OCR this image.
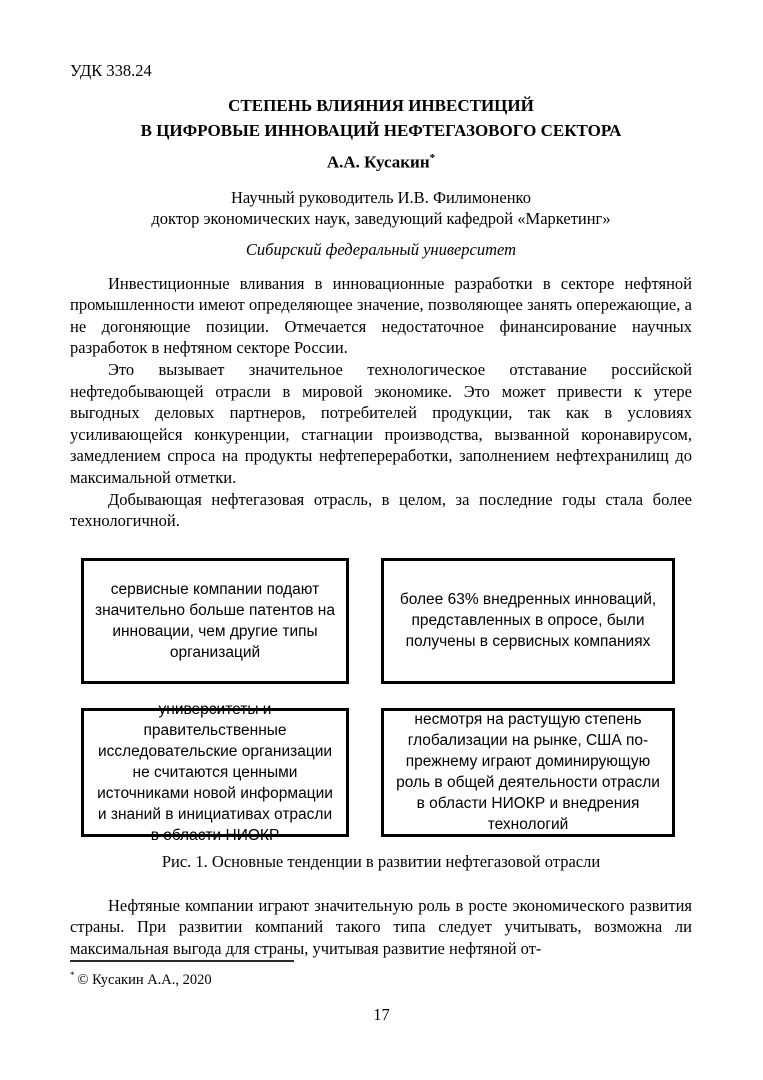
УДК 338.24
СТЕПЕНЬ ВЛИЯНИЯ ИНВЕСТИЦИЙ
В ЦИФРОВЫЕ ИННОВАЦИЙ НЕФТЕГАЗОВОГО СЕКТОРА
А.А. Кусакин*
Научный руководитель И.В. Филимоненко
доктор экономических наук, заведующий кафедрой «Маркетинг»
Сибирский федеральный университет

Инвестиционные вливания в инновационные разработки в секторе нефтяной промышленности имеют определяющее значение, позволяющее занять опережающие, а не догоняющие позиции. Отмечается недостаточное финансирование научных разработок в нефтяном секторе России.

Это вызывает значительное технологическое отставание российской нефтедобывающей отрасли в мировой экономике. Это может привести к утере выгодных деловых партнеров, потребителей продукции, так как в условиях усиливающейся конкуренции, стагнации производства, вызванной коронавирусом, замедлением спроса на продукты нефтепереработки, заполнением нефтехранилищ до максимальной отметки.

Добывающая нефтегазовая отрасль, в целом, за последние годы стала более технологичной.

сервисные компании подают значительно больше патентов на инновации, чем другие типы организаций
более 63% внедренных инноваций, представленных в опросе, были получены в сервисных компаниях
университеты и правительственные исследовательские организации не считаются ценными источниками новой информации и знаний в инициативах отрасли в области НИОКР
несмотря на растущую степень глобализации на рынке, США по-прежнему играют доминирующую роль в общей деятельности отрасли в области НИОКР и внедрения технологий
Рис. 1. Основные тенденции в развитии нефтегазовой отрасли

Нефтяные компании играют значительную роль в росте экономического развития страны. При развитии компаний такого типа следует учитывать, возможна ли максимальная выгода для страны, учитывая развитие нефтяной от-

* © Кусакин А.А., 2020
17
